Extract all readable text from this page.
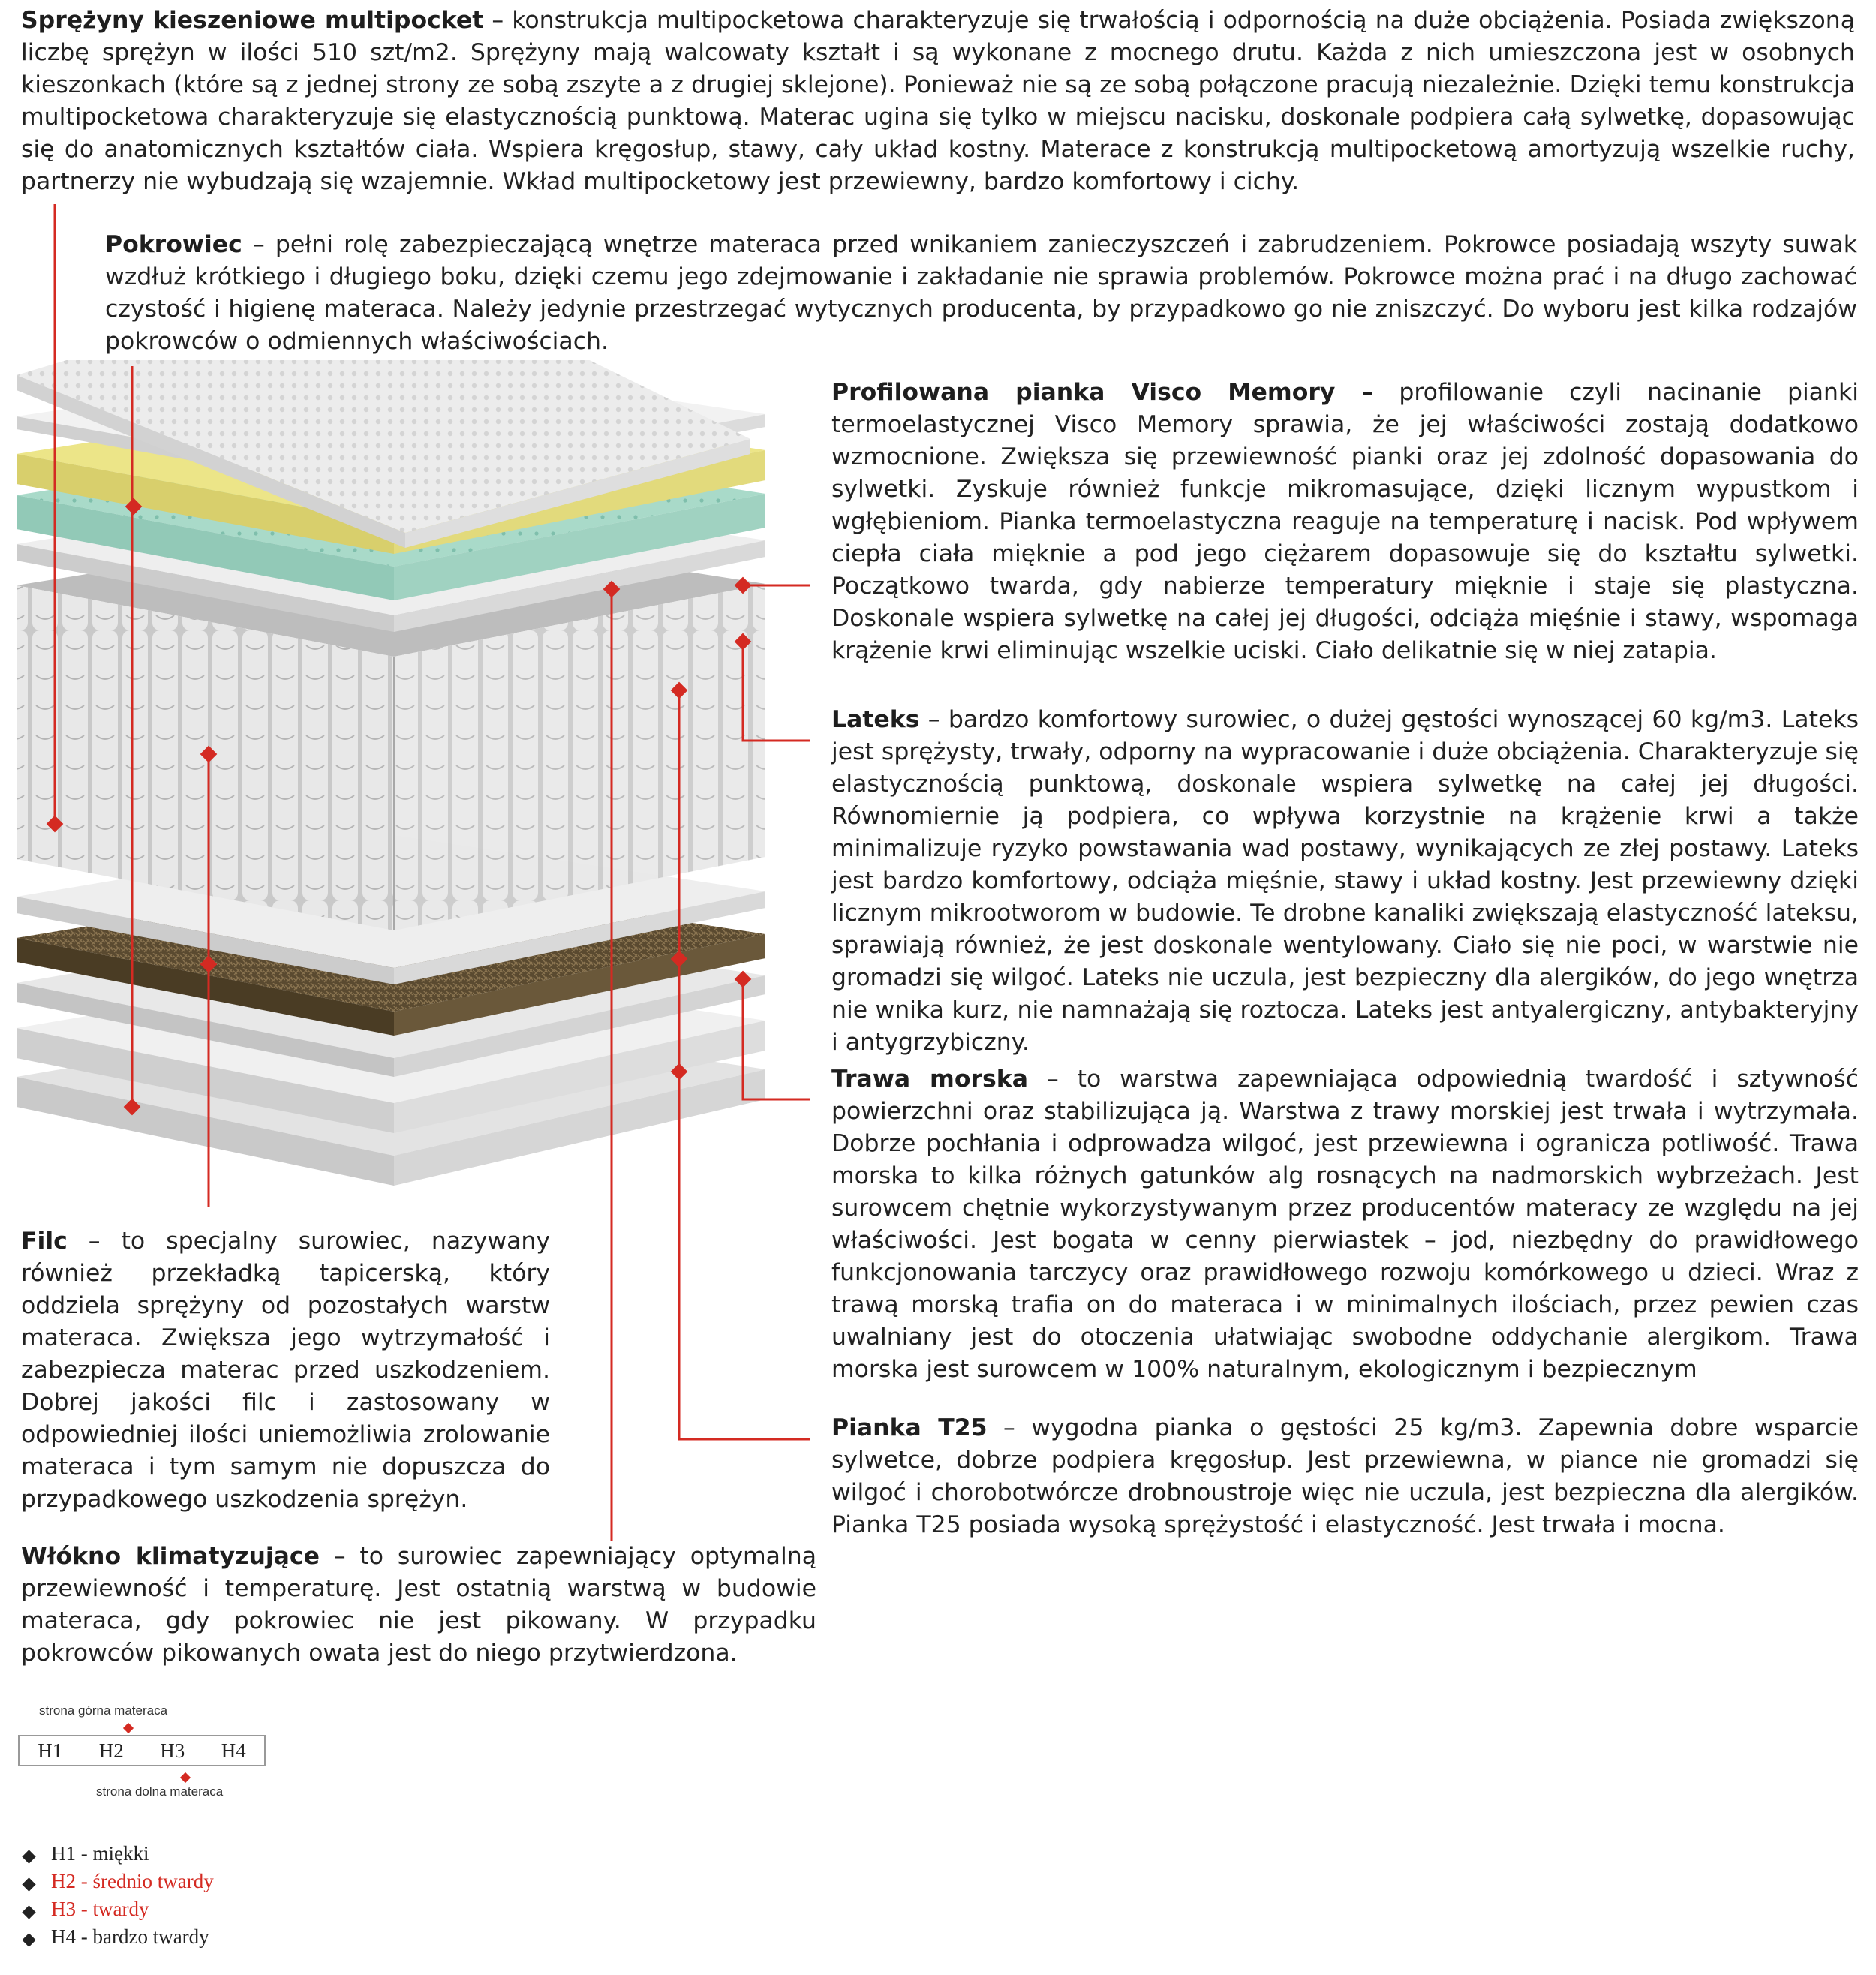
Sprężyny kieszeniowe multipocket – konstrukcja multipocketowa charakteryzuje się trwałością i odpornością na duże obciążenia. Posiada zwiększoną liczbę sprężyn w ilości 510 szt/m2. Sprężyny mają walcowaty kształt i są wykonane z mocnego drutu. Każda z nich umieszczona jest w osobnych kieszonkach (które są z jednej strony ze sobą zszyte a z drugiej sklejone). Ponieważ nie są ze sobą połączone pracują niezależnie. Dzięki temu konstrukcja multipocketowa charakteryzuje się elastycznością punktową. Materac ugina się tylko w miejscu nacisku, doskonale podpiera całą sylwetkę, dopasowując się do anatomicznych kształtów ciała. Wspiera kręgosłup, stawy, cały układ kostny. Materace z konstrukcją multipocketową amortyzują wszelkie ruchy, partnerzy nie wybudzają się wzajemnie. Wkład multipocketowy jest przewiewny, bardzo komfortowy i cichy.

Pokrowiec – pełni rolę zabezpieczającą wnętrze materaca przed wnikaniem zanieczyszczeń i zabrudzeniem. Pokrowce posiadają wszyty suwak wzdłuż krótkiego i długiego boku, dzięki czemu jego zdejmowanie i zakładanie nie sprawia problemów. Pokrowce można prać i na długo zachować czystość i higienę materaca. Należy jedynie przestrzegać wytycznych producenta, by przypadkowo go nie zniszczyć. Do wyboru jest kilka rodzajów pokrowców o odmiennych właściwościach.

Profilowana pianka Visco Memory – profilowanie czyli nacinanie pianki termoelastycznej Visco Memory sprawia, że jej właściwości zostają dodatkowo wzmocnione. Zwiększa się przewiewność pianki oraz jej zdolność dopasowania do sylwetki. Zyskuje również funkcje mikromasujące, dzięki licznym wypustkom i wgłębieniom. Pianka termoelastyczna reaguje na temperaturę i nacisk. Pod wpływem ciepła ciała mięknie a pod jego ciężarem dopasowuje się do kształtu sylwetki. Początkowo twarda, gdy nabierze temperatury mięknie i staje się plastyczna. Doskonale wspiera sylwetkę na całej jej długości, odciąża mięśnie i stawy, wspomaga krążenie krwi eliminując wszelkie uciski. Ciało delikatnie się w niej zatapia.

Lateks – bardzo komfortowy surowiec, o dużej gęstości wynoszącej 60 kg/m3. Lateks jest sprężysty, trwały, odporny na wypracowanie i duże obciążenia. Charakteryzuje się elastycznością punktową, doskonale wspiera sylwetkę na całej jej długości. Równomiernie ją podpiera, co wpływa korzystnie na krążenie krwi a także minimalizuje ryzyko powstawania wad postawy, wynikających ze złej postawy. Lateks jest bardzo komfortowy, odciąża mięśnie, stawy i układ kostny. Jest przewiewny dzięki licznym mikrootworom w budowie. Te drobne kanaliki zwiększają elastyczność lateksu, sprawiają również, że jest doskonale wentylowany. Ciało się nie poci, w warstwie nie gromadzi się wilgoć. Lateks nie uczula, jest bezpieczny dla alergików, do jego wnętrza nie wnika kurz, nie namnażają się roztocza. Lateks jest antyalergiczny, antybakteryjny i antygrzybiczny.

Trawa morska – to warstwa zapewniająca odpowiednią twardość i sztywność powierzchni oraz stabilizująca ją. Warstwa z trawy morskiej jest trwała i wytrzymała. Dobrze pochłania i odprowadza wilgoć, jest przewiewna i ogranicza potliwość. Trawa morska to kilka różnych gatunków alg rosnących na nadmorskich wybrzeżach. Jest surowcem chętnie wykorzystywanym przez producentów materacy ze względu na jej właściwości. Jest bogata w cenny pierwiastek – jod, niezbędny do prawidłowego funkcjonowania tarczycy oraz prawidłowego rozwoju komórkowego u dzieci. Wraz z trawą morską trafia on do materaca i w minimalnych ilościach, przez pewien czas uwalniany jest do otoczenia ułatwiając swobodne oddychanie alergikom. Trawa morska jest surowcem w 100% naturalnym, ekologicznym i bezpiecznym

Pianka T25 – wygodna pianka o gęstości 25 kg/m3. Zapewnia dobre wsparcie sylwetce, dobrze podpiera kręgosłup. Jest przewiewna, w piance nie gromadzi się wilgoć i chorobotwórcze drobnoustroje więc nie uczula, jest bezpieczna dla alergików. Pianka T25 posiada wysoką sprężystość i elastyczność. Jest trwała i mocna.

Filc – to specjalny surowiec, nazywany również przekładką tapicerską, który oddziela sprężyny od pozostałych warstw materaca. Zwiększa jego wytrzymałość i zabezpiecza materac przed uszkodzeniem. Dobrej jakości filc i zastosowany w odpowiedniej ilości uniemożliwia zrolowanie materaca i tym samym nie dopuszcza do przypadkowego uszkodzenia sprężyn.

Włókno klimatyzujące – to surowiec zapewniający optymalną przewiewność i temperaturę. Jest ostatnią warstwą w budowie materaca, gdy pokrowiec nie jest pikowany. W przypadku pokrowców pikowanych owata jest do niego przytwierdzona.

strona górna materaca
H1	H2	H3	H4
strona dolna materaca
H1 - miękki
H2 - średnio twardy
H3 - twardy
H4 - bardzo twardy
